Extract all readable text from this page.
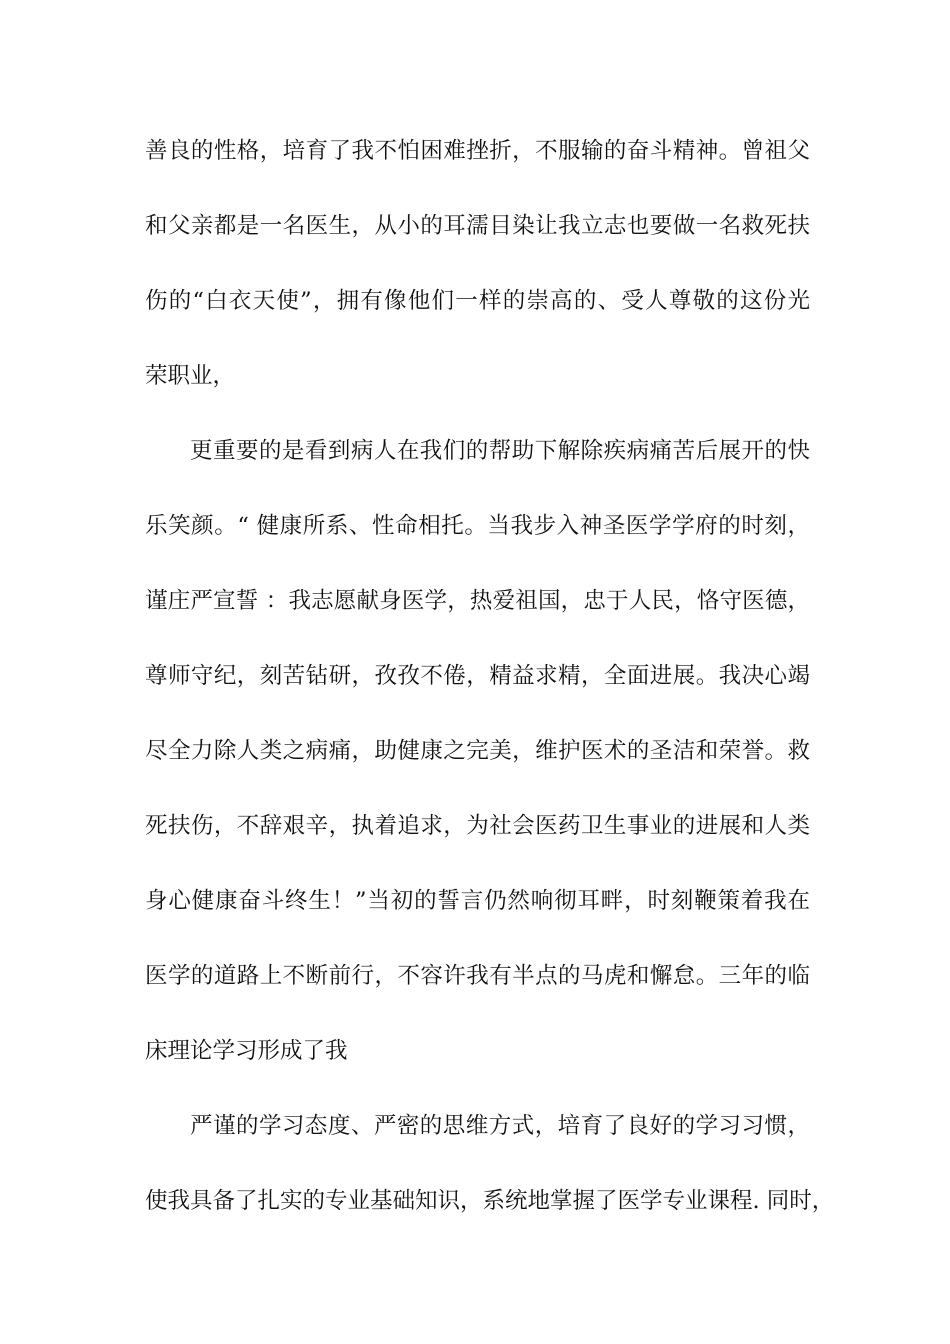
善良的性格，培育了我不怕困难挫折，不服输的奋斗精神。曾祖父
和父亲都是一名医生，从小的耳濡目染让我立志也要做一名救死扶
伤的“白衣天使”，拥有像他们一样的崇高的、受人尊敬的这份光
荣职业，
更重要的是看到病人在我们的帮助下解除疾病痛苦后展开的快
乐笑颜。“ 健康所系、性命相托。当我步入神圣医学学府的时刻，
谨庄严宣誓 ：我志愿献身医学，热爱祖国，忠于人民，恪守医德，
尊师守纪，刻苦钻研，孜孜不倦，精益求精，全面进展。我决心竭
尽全力除人类之病痛，助健康之完美，维护医术的圣洁和荣誉。救
死扶伤，不辞艰辛，执着追求，为社会医药卫生事业的进展和人类
身心健康奋斗终生！”当初的誓言仍然响彻耳畔，时刻鞭策着我在
医学的道路上不断前行，不容许我有半点的马虎和懈怠。三年的临
床理论学习形成了我
严谨的学习态度、严密的思维方式，培育了良好的学习习惯，
使我具备了扎实的专业基础知识，系统地掌握了医学专业课程. 同时，
